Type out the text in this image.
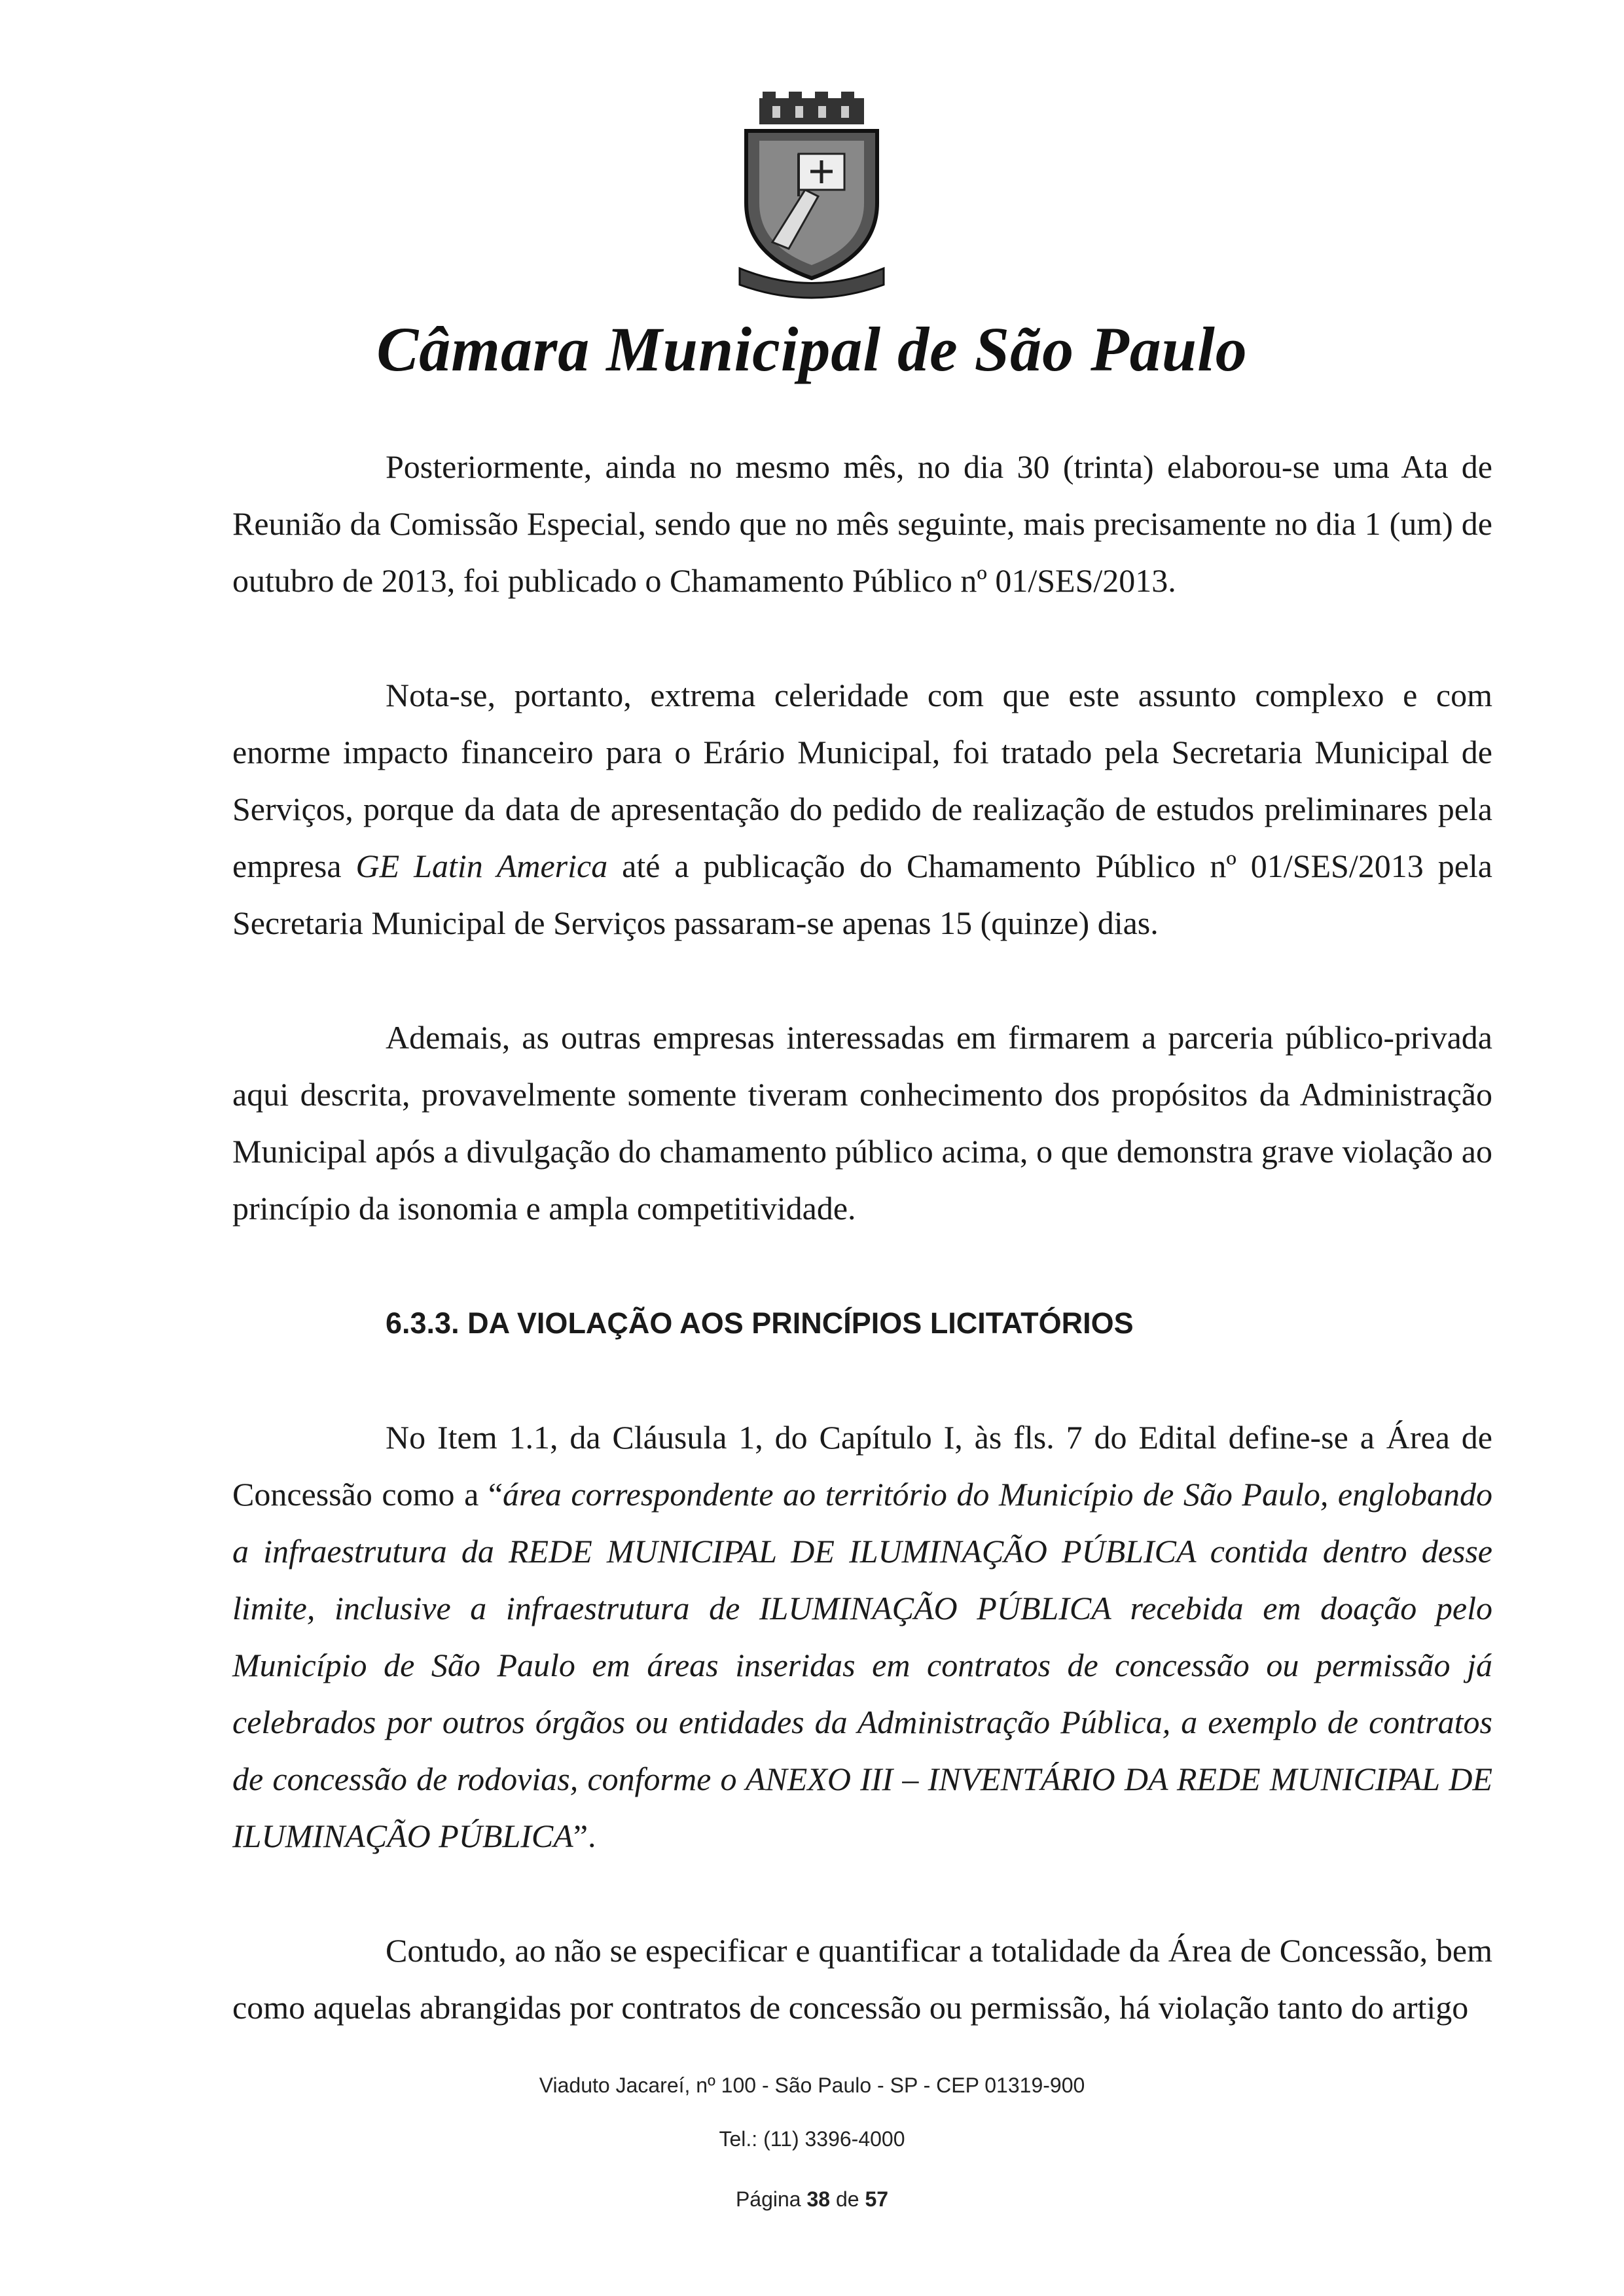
Câmara Municipal de São Paulo

Posteriormente, ainda no mesmo mês, no dia 30 (trinta) elaborou-se uma Ata de Reunião da Comissão Especial, sendo que no mês seguinte, mais precisamente no dia 1 (um) de outubro de 2013, foi publicado o Chamamento Público nº 01/SES/2013.

Nota-se, portanto, extrema celeridade com que este assunto complexo e com enorme impacto financeiro para o Erário Municipal, foi tratado pela Secretaria Municipal de Serviços, porque da data de apresentação do pedido de realização de estudos preliminares pela empresa GE Latin America até a publicação do Chamamento Público nº 01/SES/2013 pela Secretaria Municipal de Serviços passaram-se apenas 15 (quinze) dias.

Ademais, as outras empresas interessadas em firmarem a parceria público-privada aqui descrita, provavelmente somente tiveram conhecimento dos propósitos da Administração Municipal após a divulgação do chamamento público acima, o que demonstra grave violação ao princípio da isonomia e ampla competitividade.

6.3.3. DA VIOLAÇÃO AOS PRINCÍPIOS LICITATÓRIOS

No Item 1.1, da Cláusula 1, do Capítulo I, às fls. 7 do Edital define-se a Área de Concessão como a “área correspondente ao território do Município de São Paulo, englobando a infraestrutura da REDE MUNICIPAL DE ILUMINAÇÃO PÚBLICA contida dentro desse limite, inclusive a infraestrutura de ILUMINAÇÃO PÚBLICA recebida em doação pelo Município de São Paulo em áreas inseridas em contratos de concessão ou permissão já celebrados por outros órgãos ou entidades da Administração Pública, a exemplo de contratos de concessão de rodovias, conforme o ANEXO III – INVENTÁRIO DA REDE MUNICIPAL DE ILUMINAÇÃO PÚBLICA”.

Contudo, ao não se especificar e quantificar a totalidade da Área de Concessão, bem como aquelas abrangidas por contratos de concessão ou permissão, há violação tanto do artigo

Viaduto Jacareí, nº 100 - São Paulo - SP - CEP 01319-900
Tel.: (11) 3396-4000
Página 38 de 57
